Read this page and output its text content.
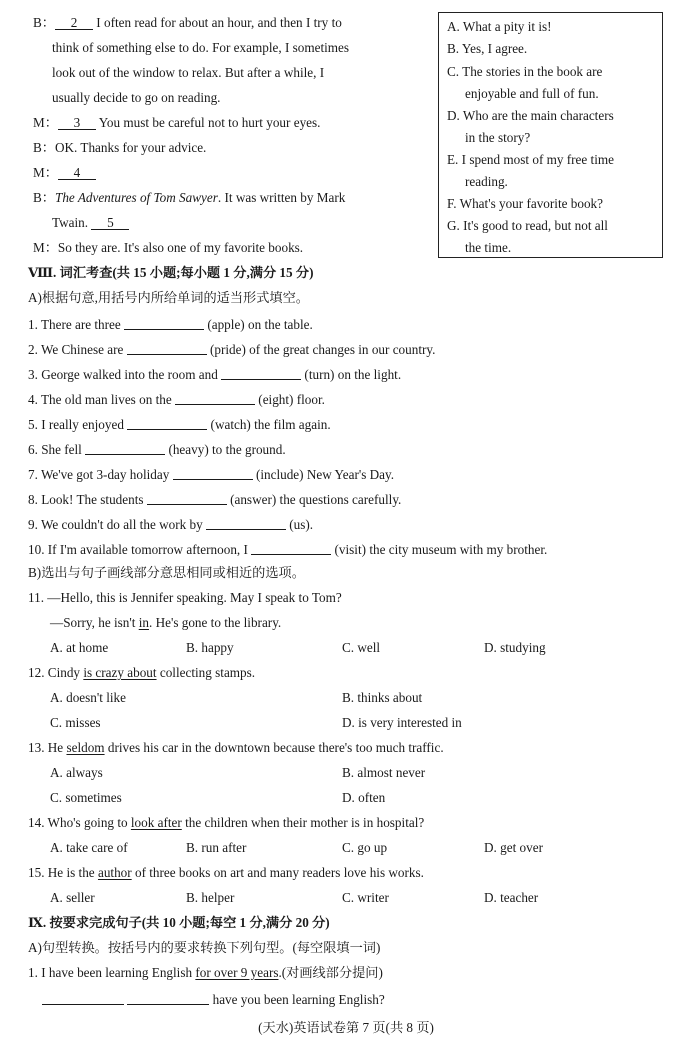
B： 2 I often read for about an hour, and then I try to
think of something else to do. For example, I sometimes
look out of the window to relax. But after a while, I
usually decide to go on reading.
M： 3 You must be careful not to hurt your eyes.
B：OK. Thanks for your advice.
M： 4
B：The Adventures of Tom Sawyer. It was written by Mark
Twain. 5
M：So they are. It's also one of my favorite books.
A. What a pity it is!
B. Yes, I agree.
C. The stories in the book are
enjoyable and full of fun.
D. Who are the main characters
in the story?
E. I spend most of my free time
reading.
F. What's your favorite book?
G. It's good to read, but not all
the time.
Ⅷ. 词汇考查(共 15 小题;每小题 1 分,满分 15 分)
A)根据句意,用括号内所给单词的适当形式填空。
1. There are three	(apple) on the table.
2. We Chinese are	(pride) of the great changes in our country.
3. George walked into the room and	(turn) on the light.
4. The old man lives on the	(eight) floor.
5. I really enjoyed	(watch) the film again.
6. She fell	(heavy) to the ground.
7. We've got 3-day holiday	(include) New Year's Day.
8. Look! The students	(answer) the questions carefully.
9. We couldn't do all the work by	(us).
10. If I'm available tomorrow afternoon, I	(visit) the city museum with my brother.
B)选出与句子画线部分意思相同或相近的选项。
11. —Hello, this is Jennifer speaking. May I speak to Tom?
—Sorry, he isn't in. He's gone to the library.
A. at home	B. happy	C. well	D. studying
12. Cindy is crazy about collecting stamps.
A. doesn't like	B. thinks about
C. misses	D. is very interested in
13. He seldom drives his car in the downtown because there's too much traffic.
A. always	B. almost never
C. sometimes	D. often
14. Who's going to look after the children when their mother is in hospital?
A. take care of	B. run after	C. go up	D. get over
15. He is the author of three books on art and many readers love his works.
A. seller	B. helper	C. writer	D. teacher
Ⅸ. 按要求完成句子(共 10 小题;每空 1 分,满分 20 分)
A)句型转换。按括号内的要求转换下列句型。(每空限填一词)
1. I have been learning English for over 9 years.(对画线部分提问)
have you been learning English?
(天水)英语试卷第 7 页(共 8 页)
